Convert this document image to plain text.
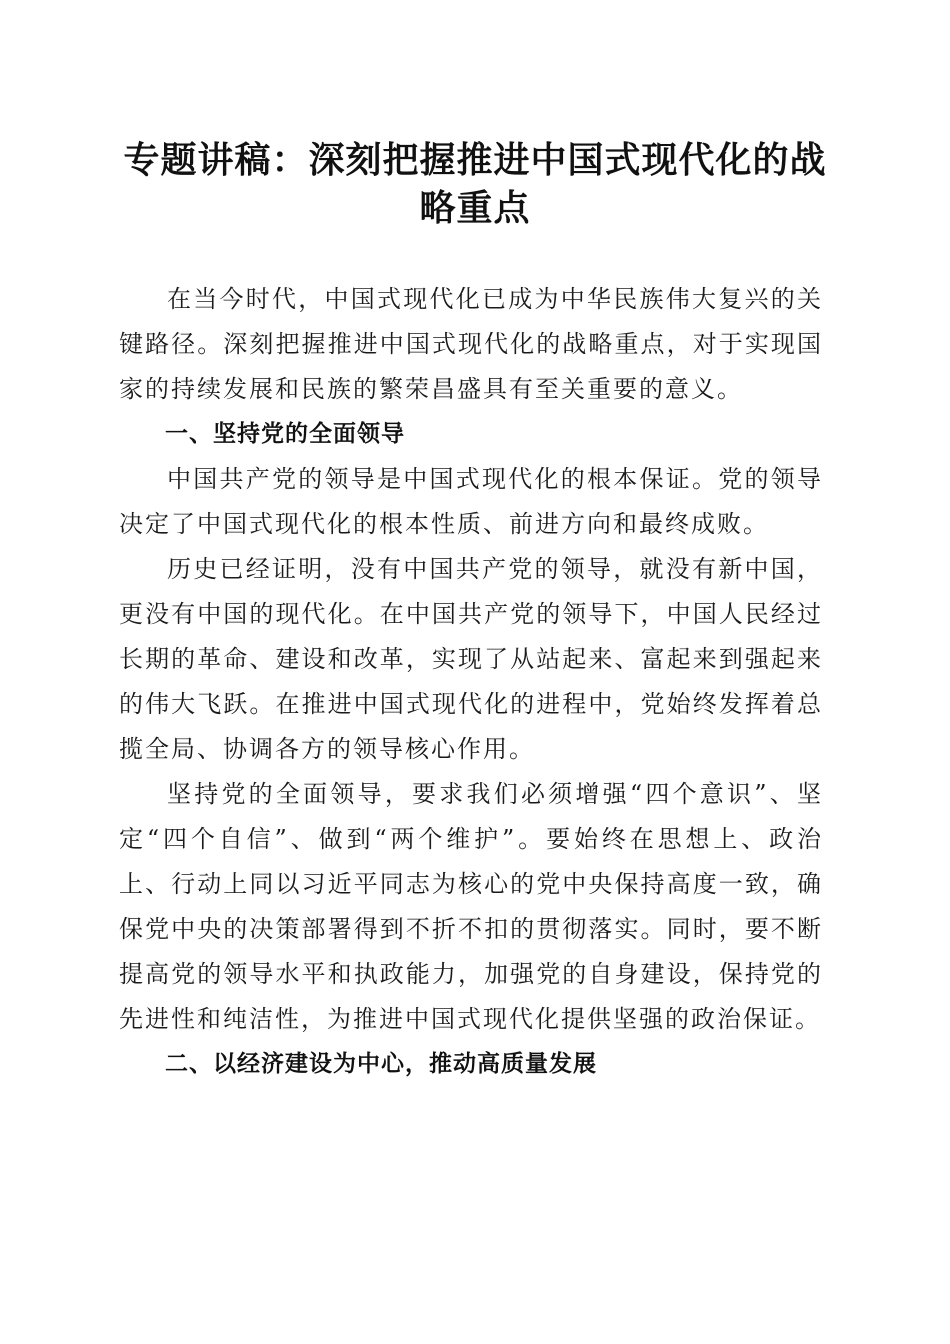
专题讲稿：深刻把握推进中国式现代化的战略重点

在当今时代，中国式现代化已成为中华民族伟大复兴的关键路径。深刻把握推进中国式现代化的战略重点，对于实现国家的持续发展和民族的繁荣昌盛具有至关重要的意义。

一、坚持党的全面领导

中国共产党的领导是中国式现代化的根本保证。党的领导决定了中国式现代化的根本性质、前进方向和最终成败。

历史已经证明，没有中国共产党的领导，就没有新中国，更没有中国的现代化。在中国共产党的领导下，中国人民经过长期的革命、建设和改革，实现了从站起来、富起来到强起来的伟大飞跃。在推进中国式现代化的进程中，党始终发挥着总揽全局、协调各方的领导核心作用。

坚持党的全面领导，要求我们必须增强“四个意识”、坚定“四个自信”、做到“两个维护”。要始终在思想上、政治上、行动上同以习近平同志为核心的党中央保持高度一致，确保党中央的决策部署得到不折不扣的贯彻落实。同时，要不断提高党的领导水平和执政能力，加强党的自身建设，保持党的先进性和纯洁性，为推进中国式现代化提供坚强的政治保证。

二、以经济建设为中心，推动高质量发展
